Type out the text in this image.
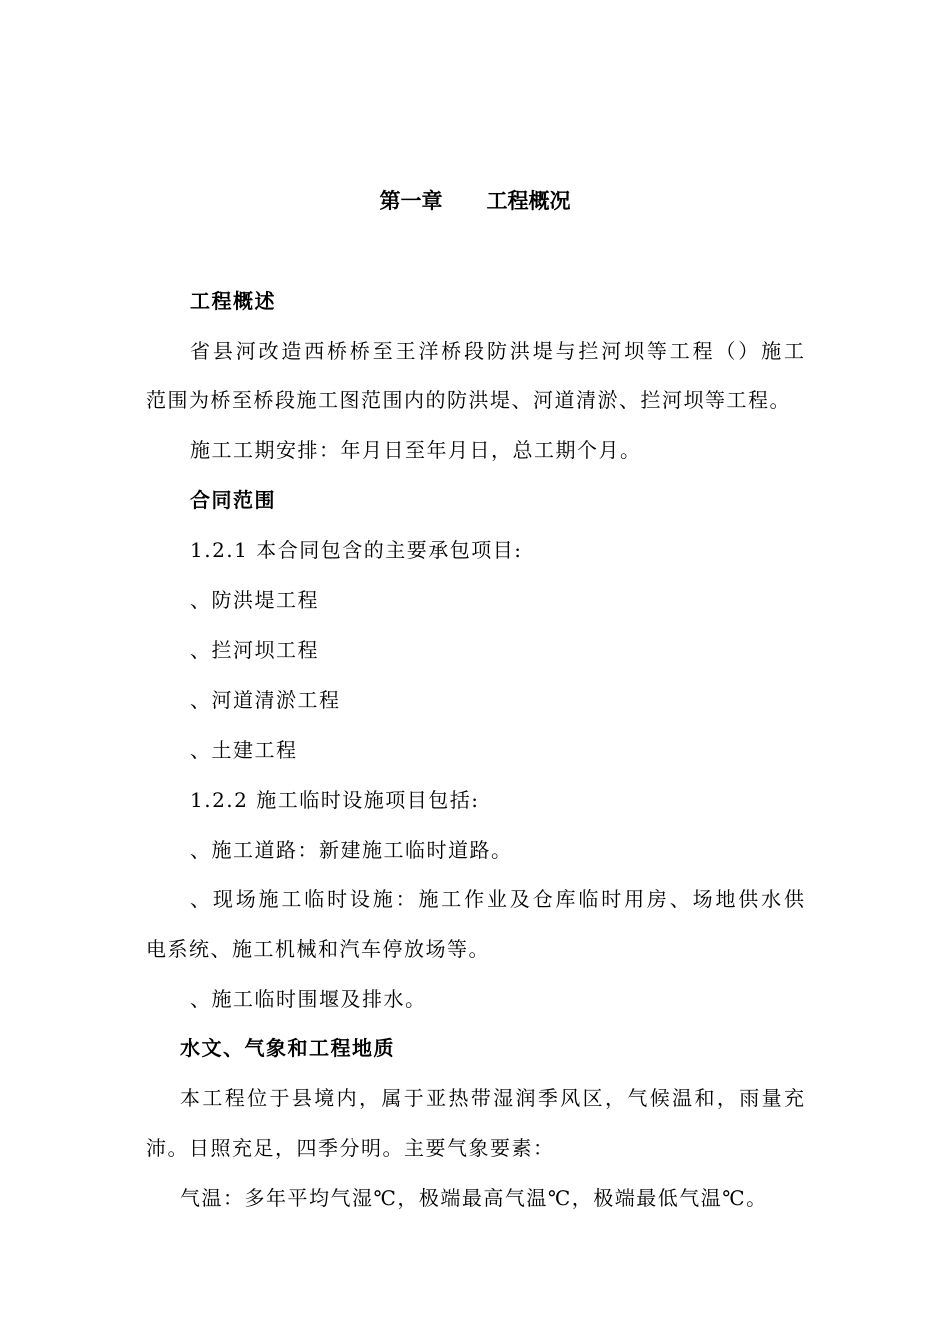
第一章 工程概况
工程概述
省县河改造西桥桥至王洋桥段防洪堤与拦河坝等工程（）施工
范围为桥至桥段施工图范围内的防洪堤、河道清淤、拦河坝等工程。
施工工期安排：年月日至年月日，总工期个月。
合同范围
1.2.1 本合同包含的主要承包项目:
、防洪堤工程
、拦河坝工程
、河道清淤工程
、土建工程
1.2.2 施工临时设施项目包括:
、施工道路：新建施工临时道路。
、现场施工临时设施：施工作业及仓库临时用房、场地供水供
电系统、施工机械和汽车停放场等。
、施工临时围堰及排水。
水文、气象和工程地质
本工程位于县境内，属于亚热带湿润季风区，气候温和，雨量充
沛。日照充足，四季分明。主要气象要素：
气温：多年平均气湿℃，极端最高气温℃，极端最低气温℃。
